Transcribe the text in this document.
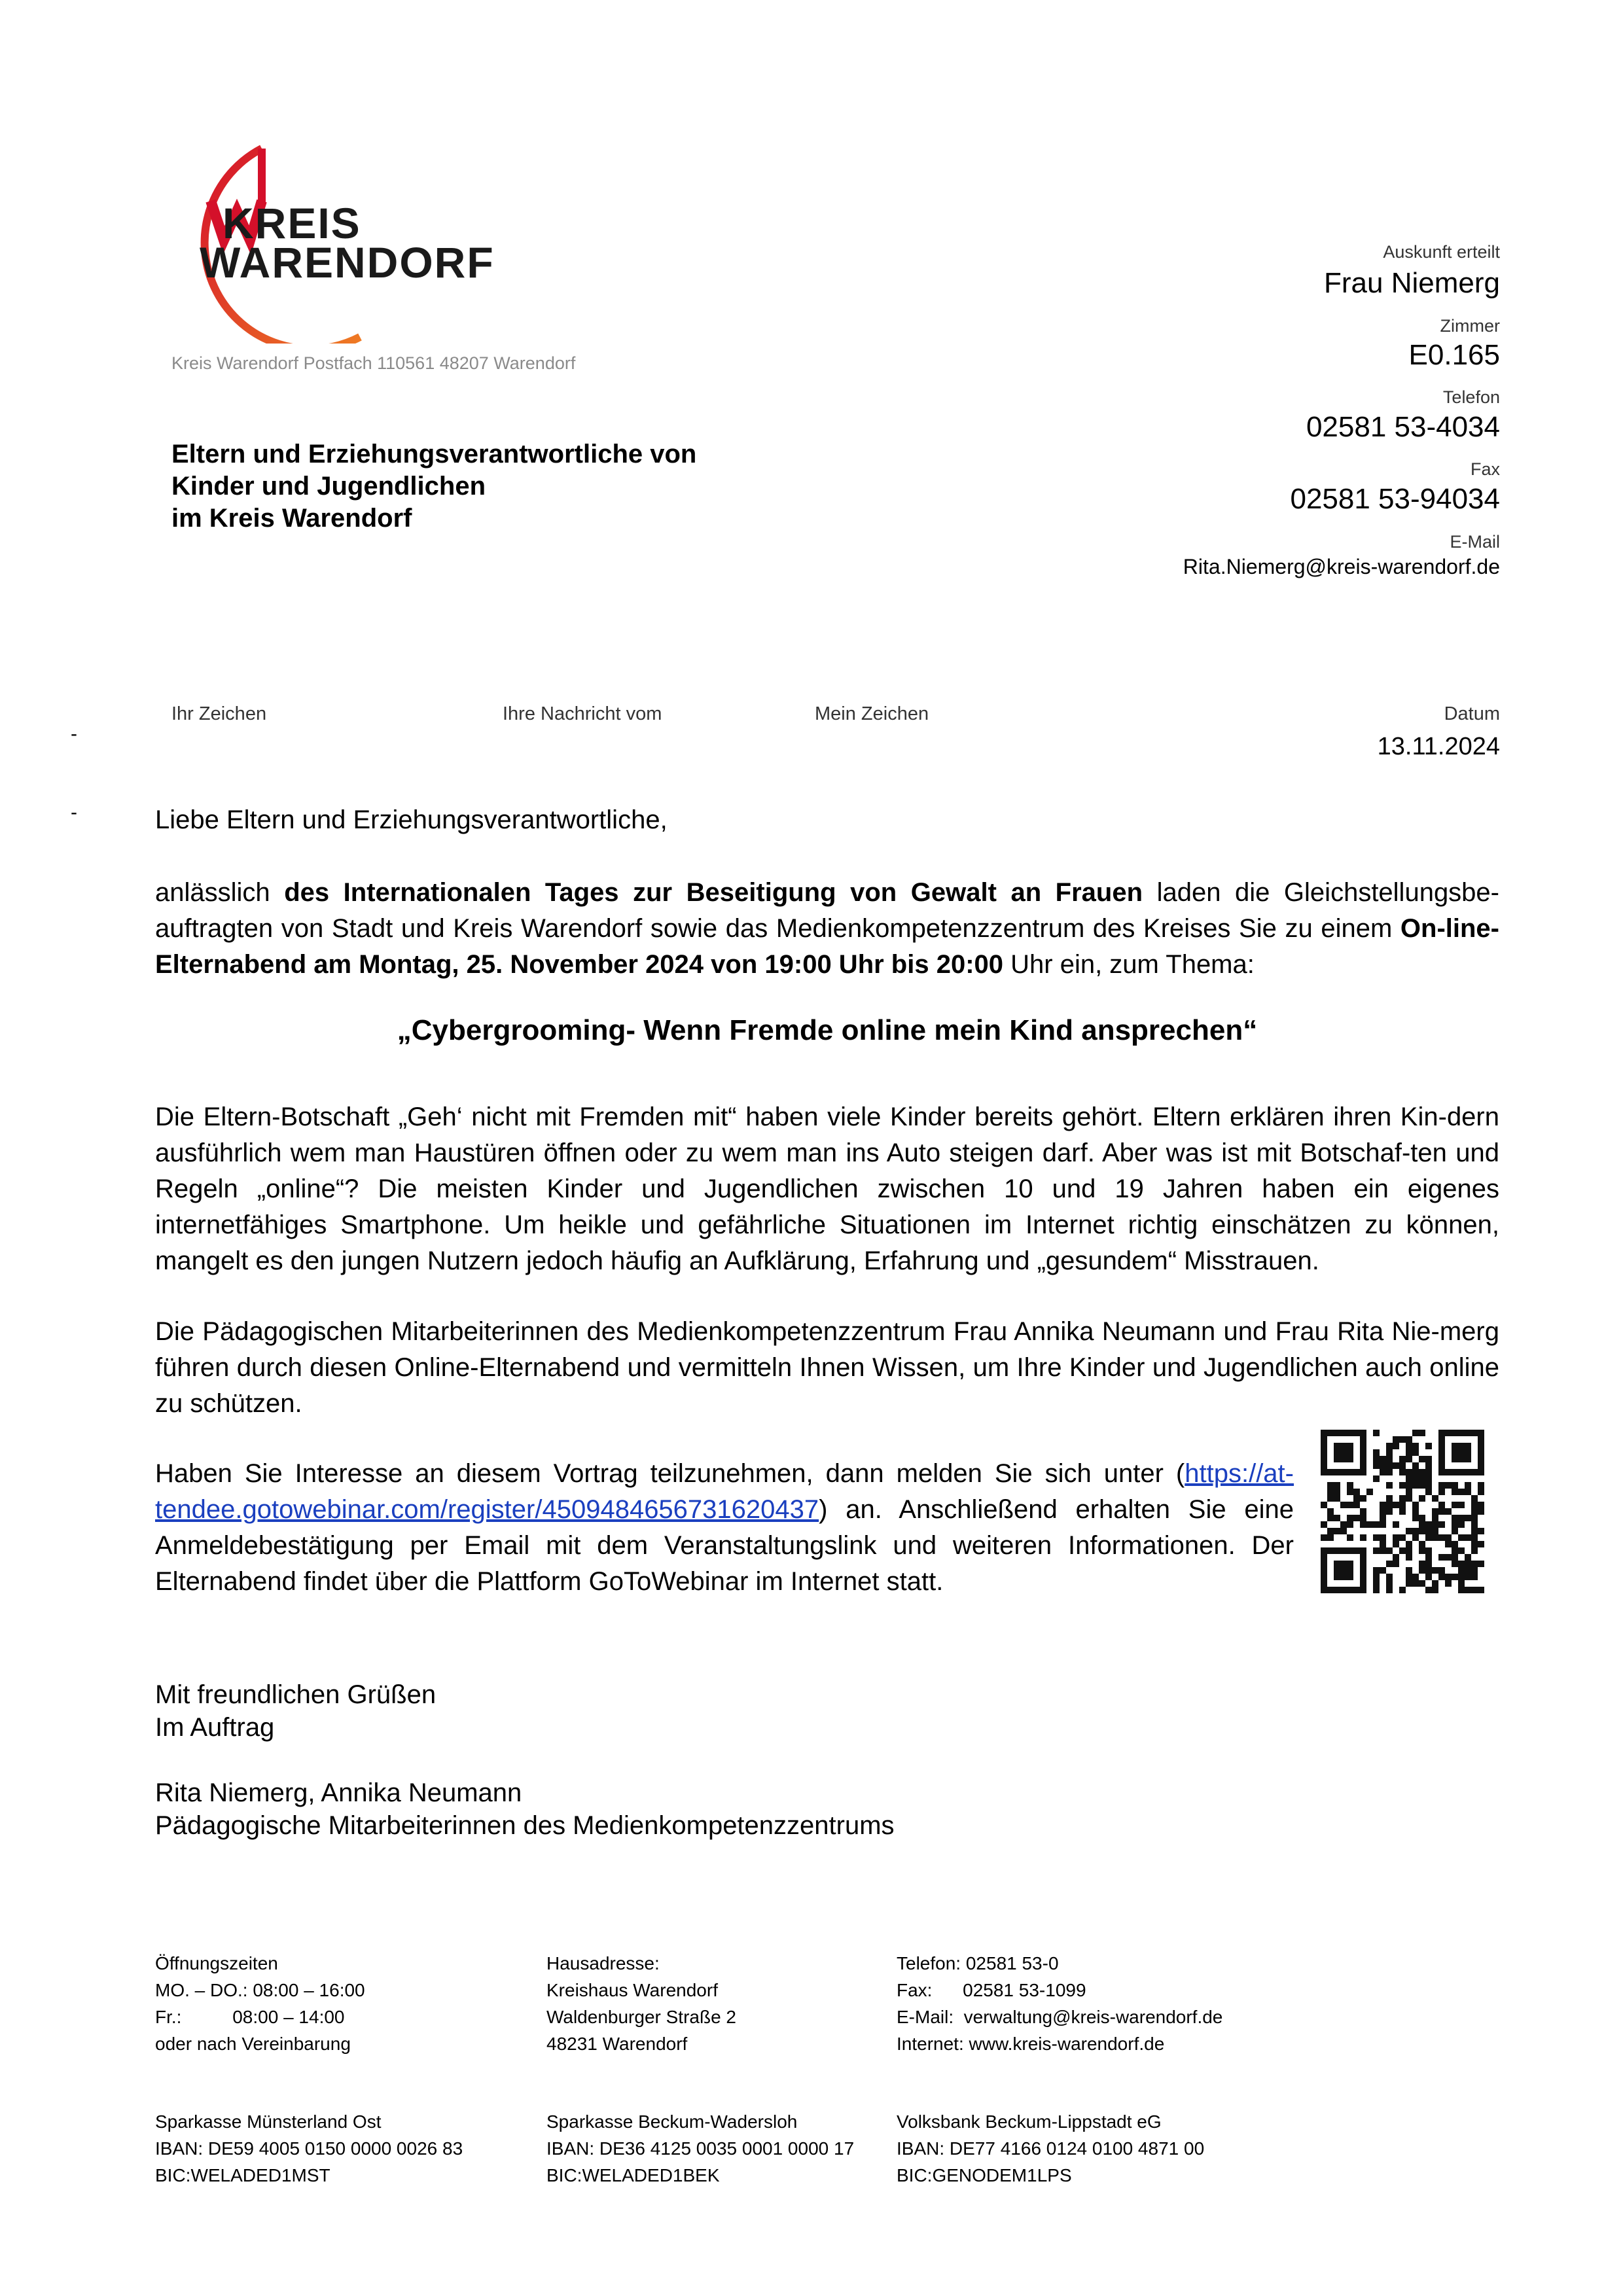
KREIS
WARENDORF
Kreis Warendorf Postfach 110561 48207 Warendorf
Eltern und Erziehungsverantwortliche von
Kinder und Jugendlichen
im Kreis Warendorf
Auskunft erteilt
Frau Niemerg
Zimmer
E0.165
Telefon
02581 53-4034
Fax
02581 53-94034
E-Mail
Rita.Niemerg@kreis-warendorf.de
Ihr Zeichen	Ihre Nachricht vom	Mein Zeichen	Datum
13.11.2024
-
-	Liebe Eltern und Erziehungsverantwortliche,
anlässlich des Internationalen Tages zur Beseitigung von Gewalt an Frauen laden die Gleichstellungsbe-auftragten von Stadt und Kreis Warendorf sowie das Medienkompetenzzentrum des Kreises Sie zu einem On-line-Elternabend am Montag, 25. November 2024 von 19:00 Uhr bis 20:00 Uhr ein, zum Thema:
„Cybergrooming- Wenn Fremde online mein Kind ansprechen“
Die Eltern-Botschaft „Geh‘ nicht mit Fremden mit“ haben viele Kinder bereits gehört. Eltern erklären ihren Kin-dern ausführlich wem man Haustüren öffnen oder zu wem man ins Auto steigen darf. Aber was ist mit Botschaf-ten und Regeln „online“? Die meisten Kinder und Jugendlichen zwischen 10 und 19 Jahren haben ein eigenes internetfähiges Smartphone. Um heikle und gefährliche Situationen im Internet richtig einschätzen zu können, mangelt es den jungen Nutzern jedoch häufig an Aufklärung, Erfahrung und „gesundem“ Misstrauen.
Die Pädagogischen Mitarbeiterinnen des Medienkompetenzzentrum Frau Annika Neumann und Frau Rita Nie-merg führen durch diesen Online-Elternabend und vermitteln Ihnen Wissen, um Ihre Kinder und Jugendlichen auch online zu schützen.
Haben Sie Interesse an diesem Vortrag teilzunehmen, dann melden Sie sich unter (https://at-tendee.gotowebinar.com/register/4509484656731620437) an. Anschließend erhalten Sie eine Anmeldebestätigung per Email mit dem Veranstaltungslink und weiteren Informationen. Der Elternabend findet über die Plattform GoToWebinar im Internet statt.
Mit freundlichen Grüßen
Im Auftrag
Rita Niemerg, Annika Neumann
Pädagogische Mitarbeiterinnen des Medienkompetenzzentrums
Öffnungszeiten
MO. – DO.: 08:00 – 16:00
Fr.:          08:00 – 14:00
oder nach Vereinbarung
Hausadresse:
Kreishaus Warendorf
Waldenburger Straße 2
48231 Warendorf
Telefon: 02581 53-0
Fax:      02581 53-1099
E-Mail:  verwaltung@kreis-warendorf.de
Internet: www.kreis-warendorf.de
Sparkasse Münsterland Ost
IBAN: DE59 4005 0150 0000 0026 83
BIC:WELADED1MST
Sparkasse Beckum-Wadersloh
IBAN: DE36 4125 0035 0001 0000 17
BIC:WELADED1BEK
Volksbank Beckum-Lippstadt eG
IBAN: DE77 4166 0124 0100 4871 00
BIC:GENODEM1LPS
